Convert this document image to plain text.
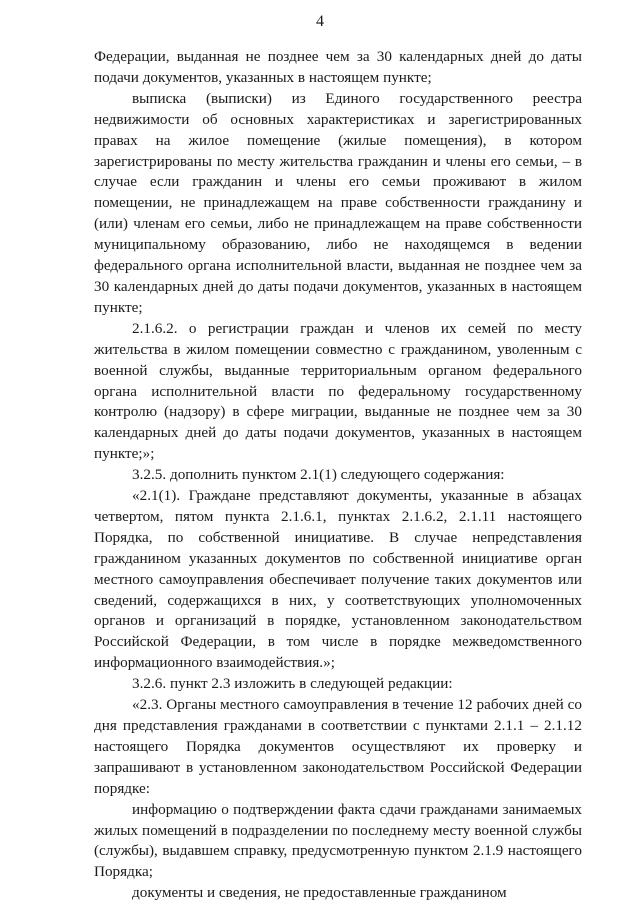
4

Федерации, выданная не позднее чем за 30 календарных дней до даты подачи документов, указанных в настоящем пункте;

выписка (выписки) из Единого государственного реестра недвижимости об основных характеристиках и зарегистрированных правах на жилое помещение (жилые помещения), в котором зарегистрированы по месту жительства гражданин и члены его семьи, – в случае если гражданин и члены его семьи проживают в жилом помещении, не принадлежащем на праве собственности гражданину и (или) членам его семьи, либо не принадлежащем на праве собственности муниципальному образованию, либо не находящемся в ведении федерального органа исполнительной власти, выданная не позднее чем за 30 календарных дней до даты подачи документов, указанных в настоящем пункте;

2.1.6.2. о регистрации граждан и членов их семей по месту жительства в жилом помещении совместно с гражданином, уволенным с военной службы, выданные территориальным органом федерального органа исполнительной власти по федеральному государственному контролю (надзору) в сфере миграции, выданные не позднее чем за 30 календарных дней до даты подачи документов, указанных в настоящем пункте;»;

3.2.5. дополнить пунктом 2.1(1) следующего содержания:

«2.1(1). Граждане представляют документы, указанные в абзацах четвертом, пятом пункта 2.1.6.1, пунктах 2.1.6.2, 2.1.11 настоящего Порядка, по собственной инициативе. В случае непредставления гражданином указанных документов по собственной инициативе орган местного самоуправления обеспечивает получение таких документов или сведений, содержащихся в них, у соответствующих уполномоченных органов и организаций в порядке, установленном законодательством Российской Федерации, в том числе в порядке межведомственного информационного взаимодействия.»;

3.2.6. пункт 2.3 изложить в следующей редакции:

«2.3. Органы местного самоуправления в течение 12 рабочих дней со дня представления гражданами в соответствии с пунктами 2.1.1 – 2.1.12 настоящего Порядка документов осуществляют их проверку и запрашивают в установленном законодательством Российской Федерации порядке:

информацию о подтверждении факта сдачи гражданами занимаемых жилых помещений в подразделении по последнему месту военной службы (службы), выдавшем справку, предусмотренную пунктом 2.1.9 настоящего Порядка;

документы и сведения, не предоставленные гражданином
